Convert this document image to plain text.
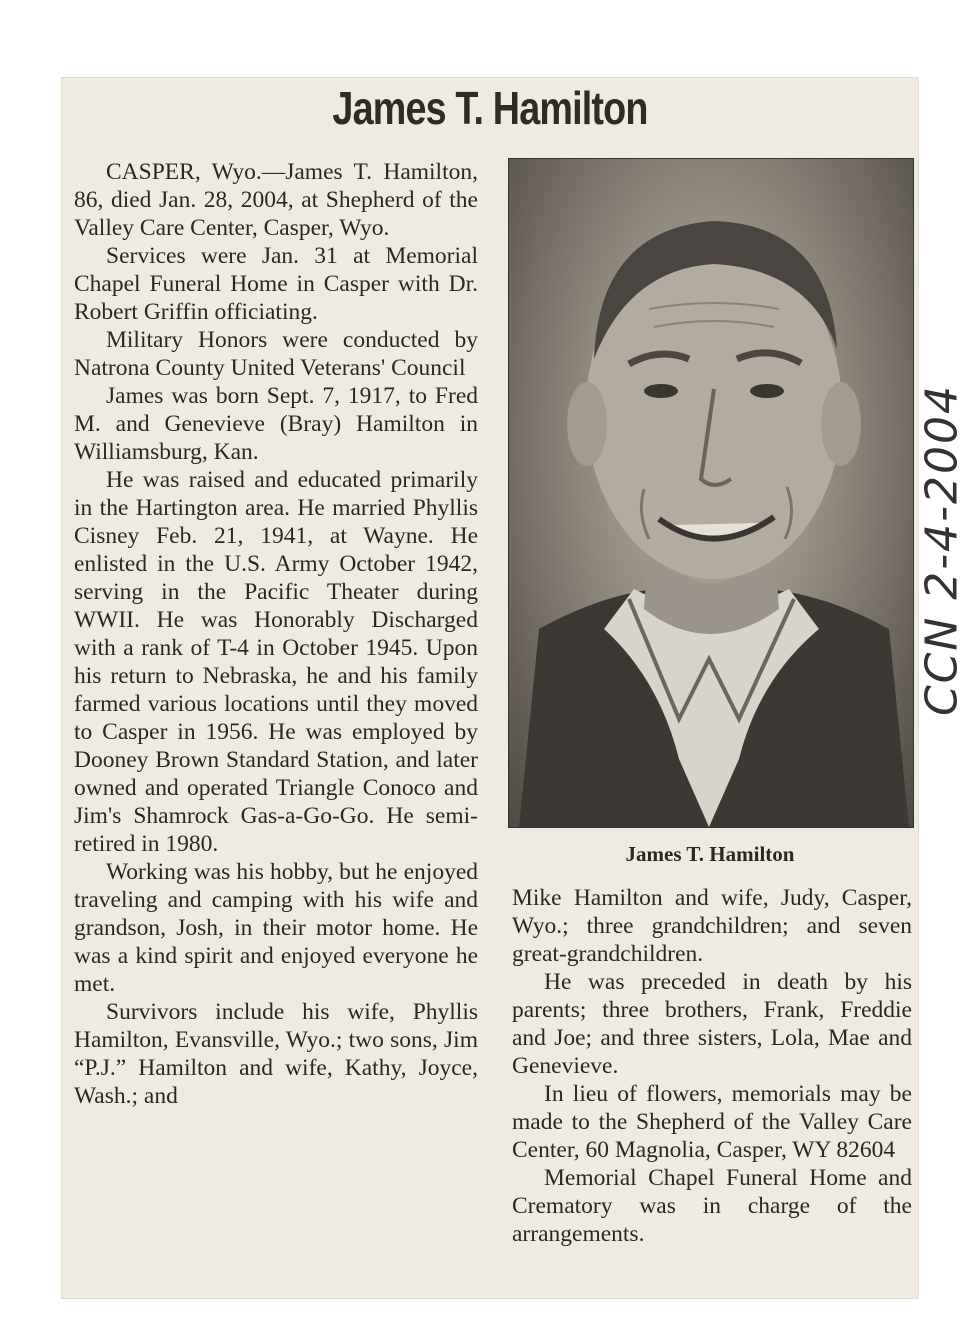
James T. Hamilton

CASPER, Wyo.—James T. Hamilton, 86, died Jan. 28, 2004, at Shepherd of the Valley Care Center, Casper, Wyo.

Services were Jan. 31 at Memorial Chapel Funeral Home in Casper with Dr. Robert Griffin officiating.

Military Honors were conducted by Natrona County United Veterans' Council

James was born Sept. 7, 1917, to Fred M. and Genevieve (Bray) Hamilton in Williamsburg, Kan.

He was raised and educated primarily in the Hartington area. He married Phyllis Cisney Feb. 21, 1941, at Wayne. He enlisted in the U.S. Army October 1942, serving in the Pacific Theater during WWII. He was Honorably Discharged with a rank of T-4 in October 1945. Upon his return to Nebraska, he and his family farmed various locations until they moved to Casper in 1956. He was employed by Dooney Brown Standard Station, and later owned and operated Triangle Conoco and Jim's Shamrock Gas-a-Go-Go. He semi-retired in 1980.

Working was his hobby, but he enjoyed traveling and camping with his wife and grandson, Josh, in their motor home. He was a kind spirit and enjoyed everyone he met.

Survivors include his wife, Phyllis Hamilton, Evansville, Wyo.; two sons, Jim “P.J.” Hamilton and wife, Kathy, Joyce, Wash.; and

James T. Hamilton

Mike Hamilton and wife, Judy, Casper, Wyo.; three grandchildren; and seven great-grandchildren.

He was preceded in death by his parents; three brothers, Frank, Freddie and Joe; and three sisters, Lola, Mae and Genevieve.

In lieu of flowers, memorials may be made to the Shepherd of the Valley Care Center, 60 Magnolia, Casper, WY 82604

Memorial Chapel Funeral Home and Crematory was in charge of the arrangements.

CCN 2-4-2004
